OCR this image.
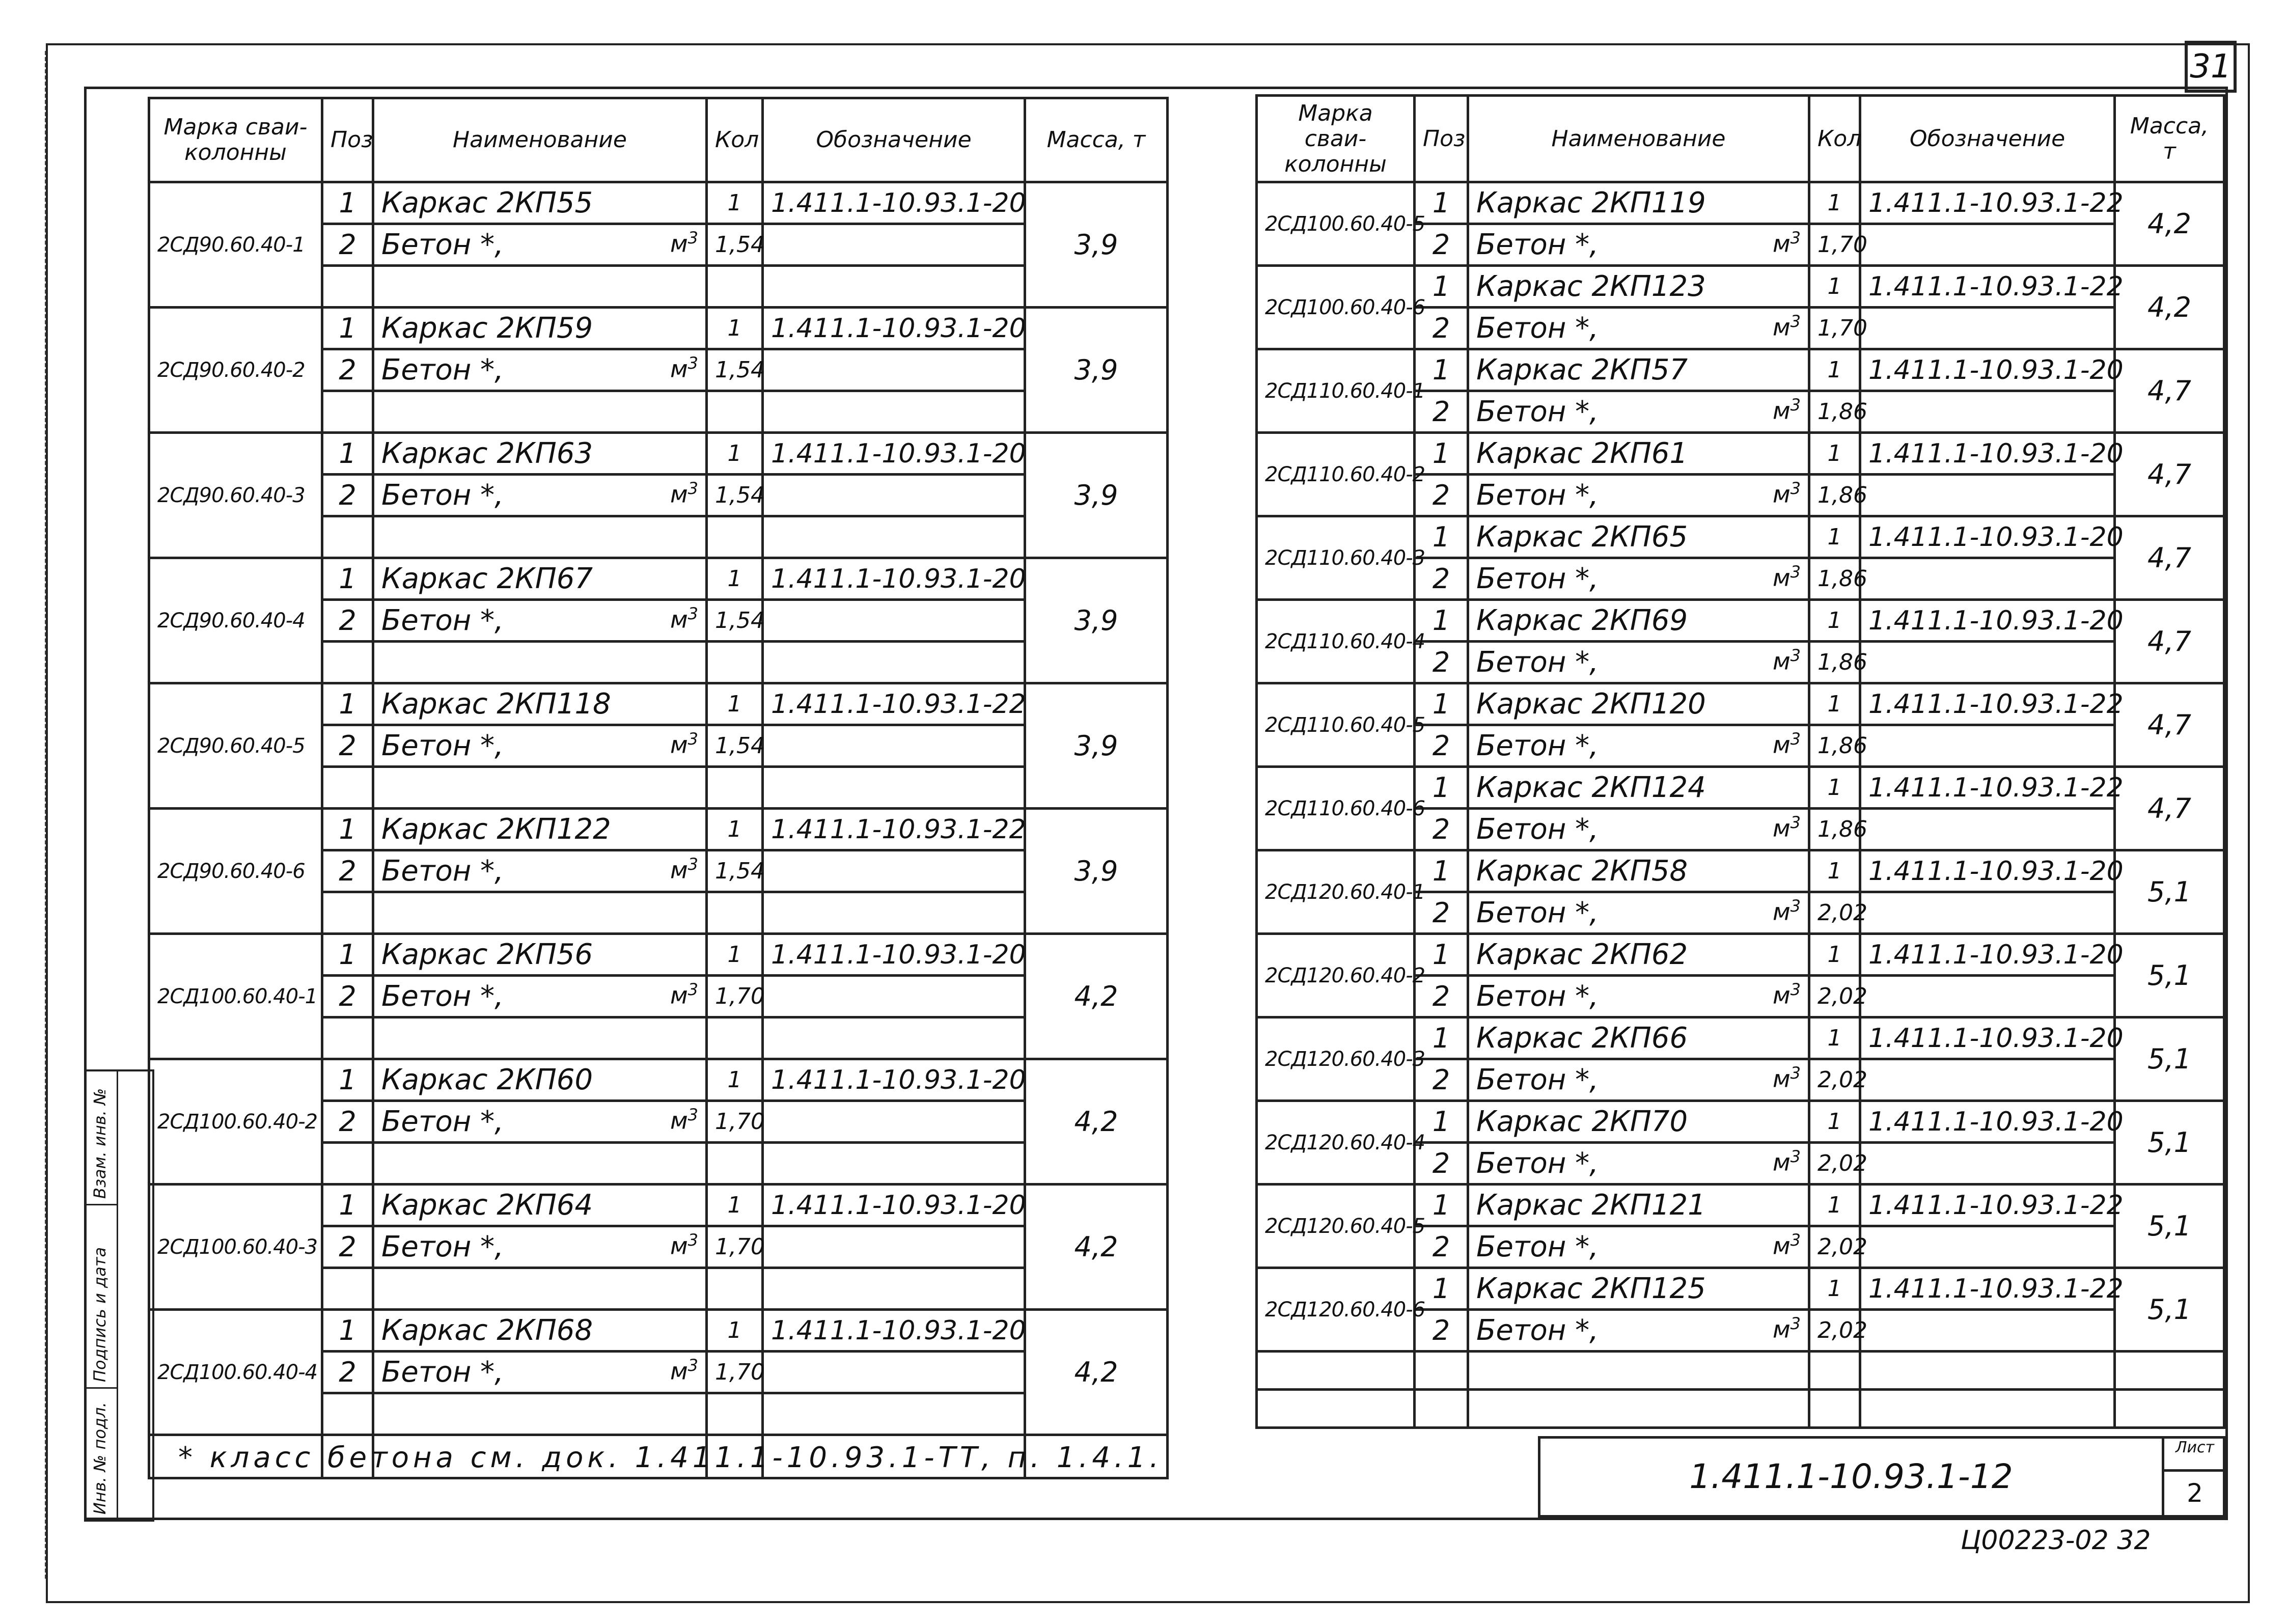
31
Марка сваи-колонны	Поз	Наименование	Кол	Обозначение	Масса, т
2СД90.60.40-1	1	Каркас 2КП55	1	1.411.1-10.93.1-20	3,9
	2	Бетон *, $м^3$	1,54		

2СД90.60.40-2	1	Каркас 2КП59	1	1.411.1-10.93.1-20	3,9
	2	Бетон *, $м^3$	1,54		

2СД90.60.40-3	1	Каркас 2КП63	1	1.411.1-10.93.1-20	3,9
	2	Бетон *, $м^3$	1,54		

2СД90.60.40-4	1	Каркас 2КП67	1	1.411.1-10.93.1-20	3,9
	2	Бетон *, $м^3$	1,54		

2СД90.60.40-5	1	Каркас 2КП118	1	1.411.1-10.93.1-22	3,9
	2	Бетон *, $м^3$	1,54		

2СД90.60.40-6	1	Каркас 2КП122	1	1.411.1-10.93.1-22	3,9
	2	Бетон *, $м^3$	1,54		

2СД100.60.40-1	1	Каркас 2КП56	1	1.411.1-10.93.1-20	4,2
	2	Бетон *, $м^3$	1,70		

2СД100.60.40-2	1	Каркас 2КП60	1	1.411.1-10.93.1-20	4,2
	2	Бетон *, $м^3$	1,70		

2СД100.60.40-3	1	Каркас 2КП64	1	1.411.1-10.93.1-20	4,2
	2	Бетон *, $м^3$	1,70		

2СД100.60.40-4	1	Каркас 2КП68	1	1.411.1-10.93.1-20	4,2
	2	Бетон *, $м^3$	1,70		

Марка сваи-колонны	Поз	Наименование	Кол	Обозначение	Масса, т
2СД100.60.40-5	1	Каркас 2КП119	1	1.411.1-10.93.1-22	4,2
	2	Бетон *, $м^3$	1,70		
2СД100.60.40-6	1	Каркас 2КП123	1	1.411.1-10.93.1-22	4,2
	2	Бетон *, $м^3$	1,70		
2СД110.60.40-1	1	Каркас 2КП57	1	1.411.1-10.93.1-20	4,7
	2	Бетон *, $м^3$	1,86		
2СД110.60.40-2	1	Каркас 2КП61	1	1.411.1-10.93.1-20	4,7
	2	Бетон *, $м^3$	1,86		
2СД110.60.40-3	1	Каркас 2КП65	1	1.411.1-10.93.1-20	4,7
	2	Бетон *, $м^3$	1,86		
2СД110.60.40-4	1	Каркас 2КП69	1	1.411.1-10.93.1-20	4,7
	2	Бетон *, $м^3$	1,86		
2СД110.60.40-5	1	Каркас 2КП120	1	1.411.1-10.93.1-22	4,7
	2	Бетон *, $м^3$	1,86		
2СД110.60.40-6	1	Каркас 2КП124	1	1.411.1-10.93.1-22	4,7
	2	Бетон *, $м^3$	1,86		
2СД120.60.40-1	1	Каркас 2КП58	1	1.411.1-10.93.1-20	5,1
	2	Бетон *, $м^3$	2,02		
2СД120.60.40-2	1	Каркас 2КП62	1	1.411.1-10.93.1-20	5,1
	2	Бетон *, $м^3$	2,02		
2СД120.60.40-3	1	Каркас 2КП66	1	1.411.1-10.93.1-20	5,1
	2	Бетон *, $м^3$	2,02		
2СД120.60.40-4	1	Каркас 2КП70	1	1.411.1-10.93.1-20	5,1
	2	Бетон *, $м^3$	2,02		
2СД120.60.40-5	1	Каркас 2КП121	1	1.411.1-10.93.1-22	5,1
	2	Бетон *, $м^3$	2,02		
2СД120.60.40-6	1	Каркас 2КП125	1	1.411.1-10.93.1-22	5,1
	2	Бетон *, $м^3$	2,02		

* класс бетона см. док. 1.411.1-10.93.1-ТТ, п. 1.4.1.
Инв. № подл.
Подпись и дата
Взам. инв. №
1.411.1-10.93.1-12
Лист
2
Ц00223-02 32
